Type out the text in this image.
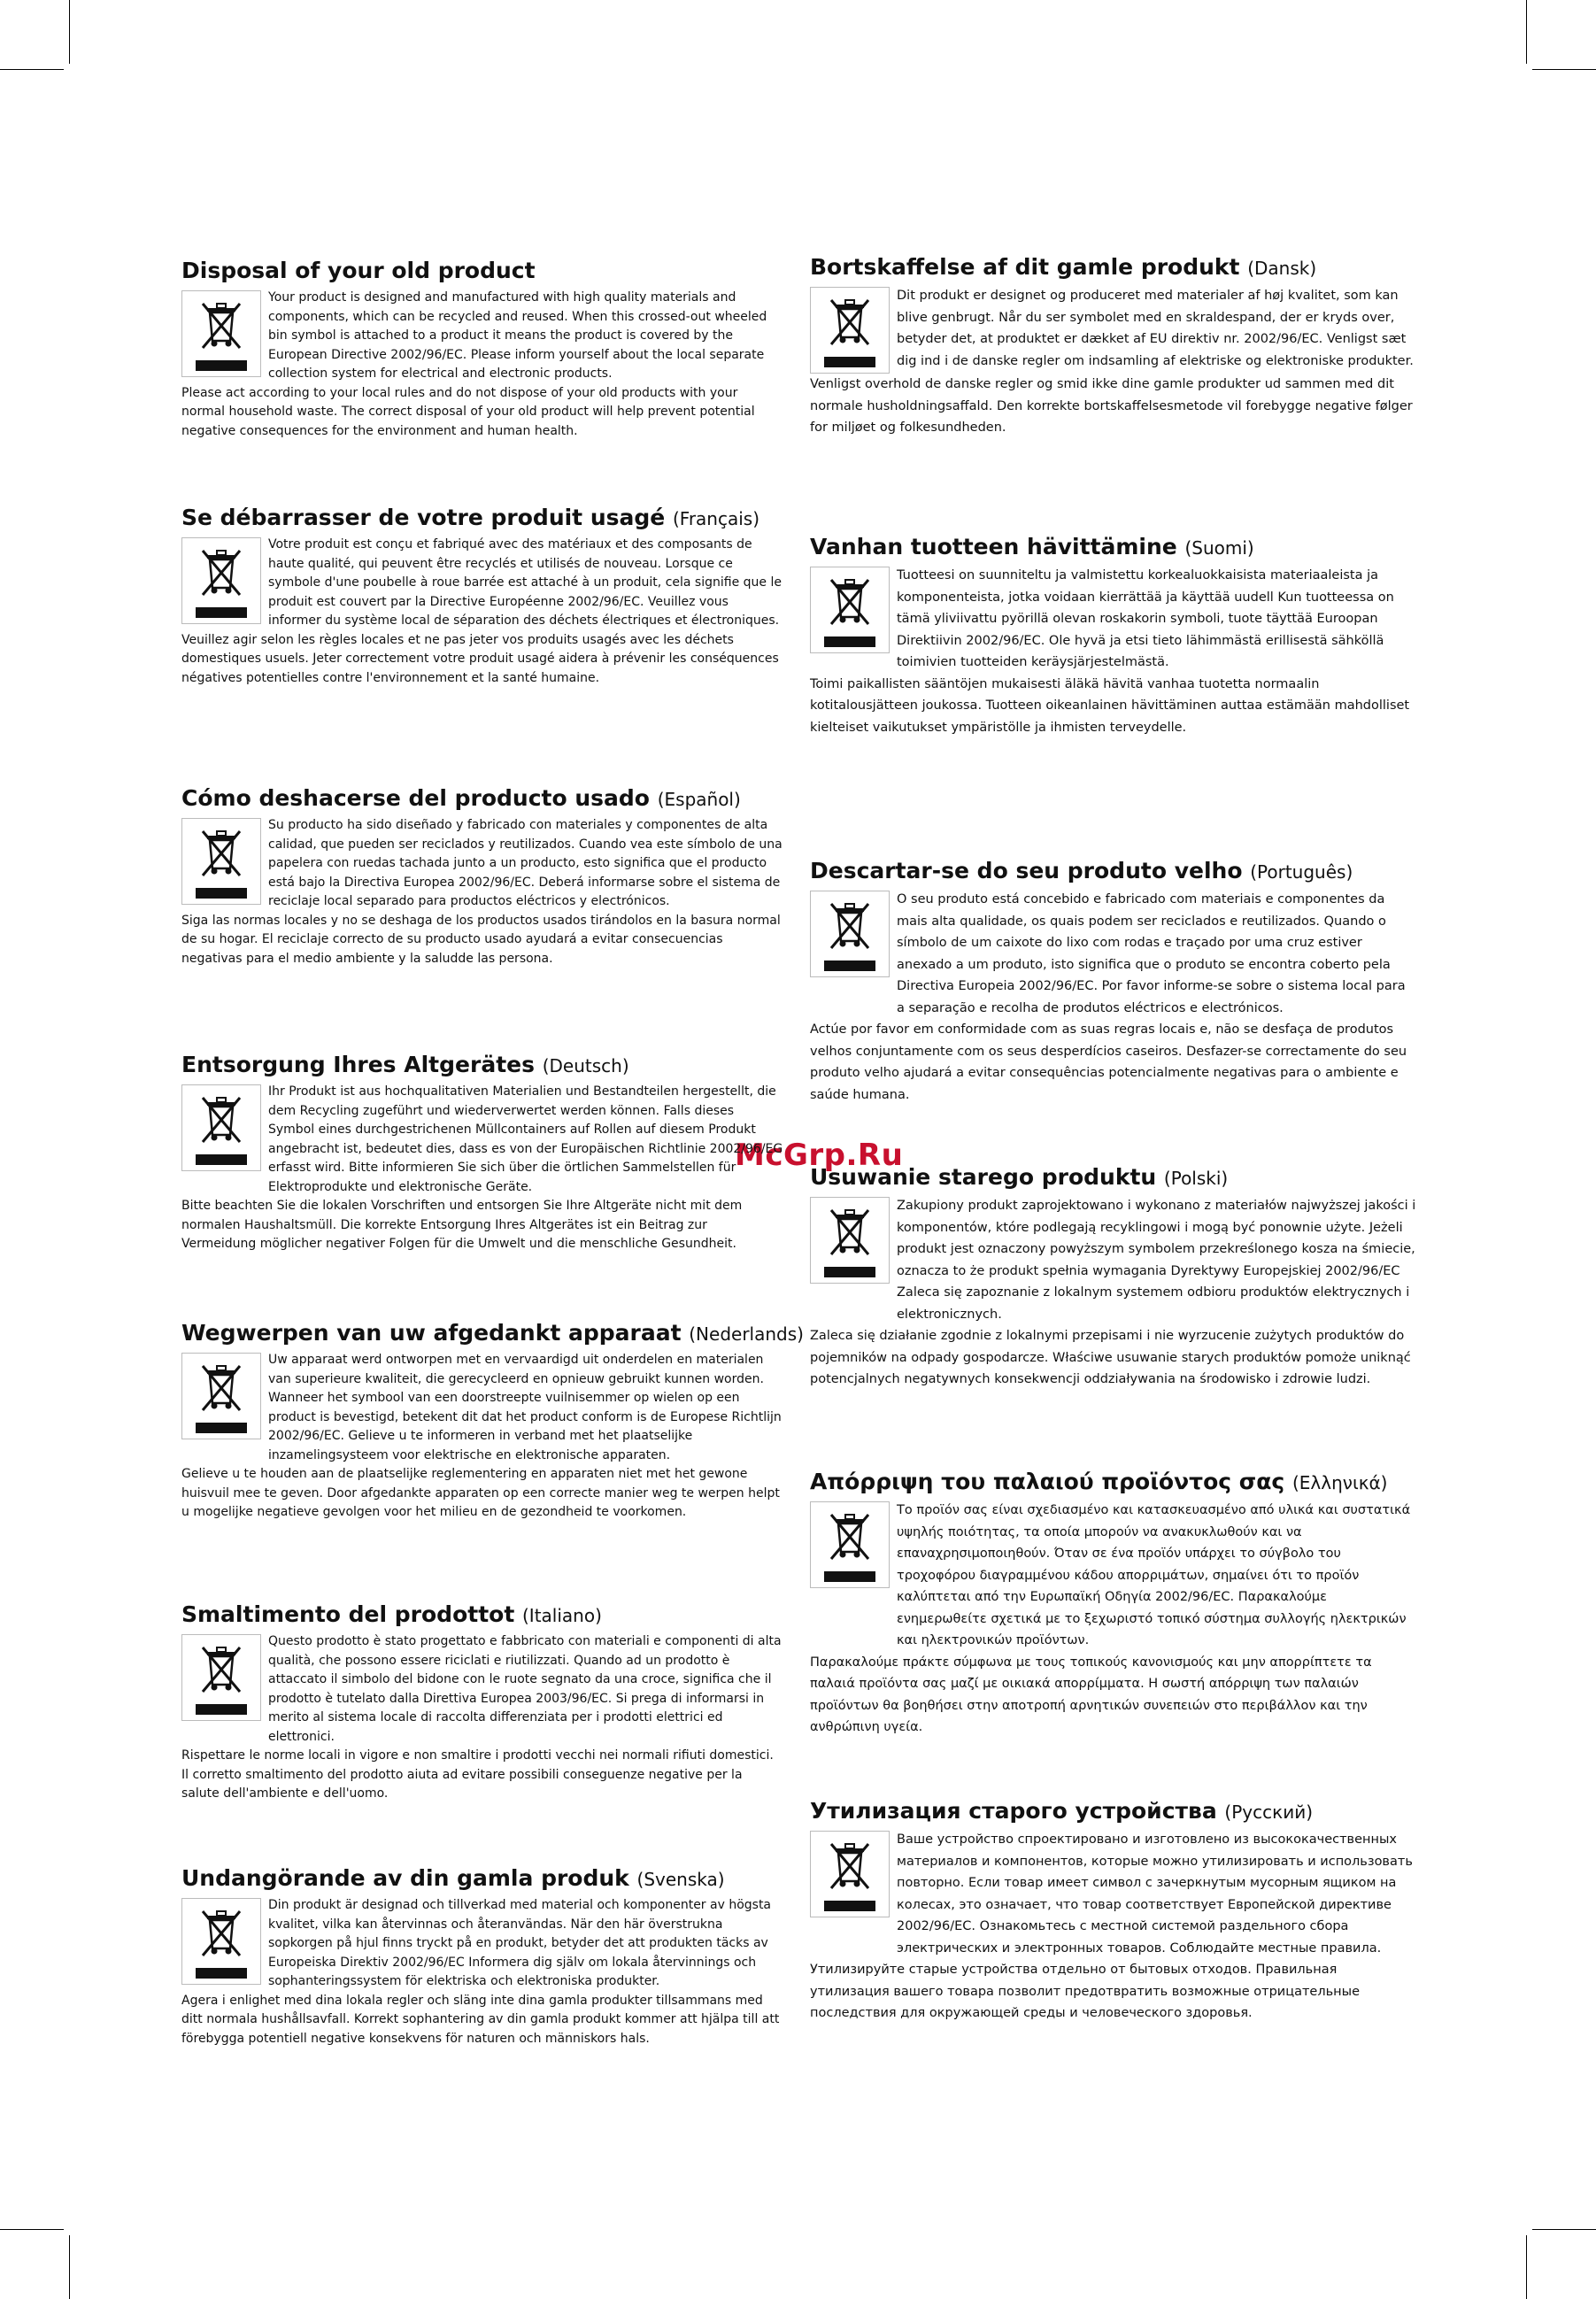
McGrp.Ru
Disposal of your old product

Your product is designed and manufactured with high quality materials and components, which can be recycled and reused. When this crossed-out wheeled bin symbol is attached to a product it means the product is covered by the European Directive 2002/96/EC. Please inform yourself about the local separate collection system for electrical and electronic products.

Please act according to your local rules and do not dispose of your old products with your normal household waste. The correct disposal of your old product will help prevent potential negative consequences for the environment and human health.

Se débarrasser de votre produit usagé (Français)

Votre produit est conçu et fabriqué avec des matériaux et des composants de haute qualité, qui peuvent être recyclés et utilisés de nouveau. Lorsque ce symbole d'une poubelle à roue barrée est attaché à un produit, cela signifie que le produit est couvert par la Directive Européenne 2002/96/EC. Veuillez vous informer du système local de séparation des déchets électriques et électroniques.

Veuillez agir selon les règles locales et ne pas jeter vos produits usagés avec les déchets domestiques usuels. Jeter correctement votre produit usagé aidera à prévenir les conséquences négatives potentielles contre l'environnement et la santé humaine.

Cómo deshacerse del producto usado (Español)

Su producto ha sido diseñado y fabricado con materiales y componentes de alta calidad, que pueden ser reciclados y reutilizados. Cuando vea este símbolo de una papelera con ruedas tachada junto a un producto, esto significa que el producto está bajo la Directiva Europea 2002/96/EC. Deberá informarse sobre el sistema de reciclaje local separado para productos eléctricos y electrónicos.

Siga las normas locales y no se deshaga de los productos usados tirándolos en la basura normal de su hogar. El reciclaje correcto de su producto usado ayudará a evitar consecuencias negativas para el medio ambiente y la saludde las persona.

Entsorgung Ihres Altgerätes (Deutsch)

Ihr Produkt ist aus hochqualitativen Materialien und Bestandteilen hergestellt, die dem Recycling zugeführt und wiederverwertet werden können. Falls dieses Symbol eines durchgestrichenen Müllcontainers auf Rollen auf diesem Produkt angebracht ist, bedeutet dies, dass es von der Europäischen Richtlinie 2002/96/EG erfasst wird. Bitte informieren Sie sich über die örtlichen Sammelstellen für Elektroprodukte und elektronische Geräte.

Bitte beachten Sie die lokalen Vorschriften und entsorgen Sie Ihre Altgeräte nicht mit dem normalen Haushaltsmüll. Die korrekte Entsorgung Ihres Altgerätes ist ein Beitrag zur Vermeidung möglicher negativer Folgen für die Umwelt und die menschliche Gesundheit.

Wegwerpen van uw afgedankt apparaat (Nederlands)

Uw apparaat werd ontworpen met en vervaardigd uit onderdelen en materialen van superieure kwaliteit, die gerecycleerd en opnieuw gebruikt kunnen worden. Wanneer het symbool van een doorstreepte vuilnisemmer op wielen op een product is bevestigd, betekent dit dat het product conform is de Europese Richtlijn 2002/96/EC. Gelieve u te informeren in verband met het plaatselijke inzamelingsysteem voor elektrische en elektronische apparaten.

Gelieve u te houden aan de plaatselijke reglementering en apparaten niet met het gewone huisvuil mee te geven. Door afgedankte apparaten op een correcte manier weg te werpen helpt u mogelijke negatieve gevolgen voor het milieu en de gezondheid te voorkomen.

Smaltimento del prodottot (Italiano)

Questo prodotto è stato progettato e fabbricato con materiali e componenti di alta qualità, che possono essere riciclati e riutilizzati. Quando ad un prodotto è attaccato il simbolo del bidone con le ruote segnato da una croce, significa che il prodotto è tutelato dalla Direttiva Europea 2003/96/EC. Si prega di informarsi in merito al sistema locale di raccolta differenziata per i prodotti elettrici ed elettronici.

Rispettare le norme locali in vigore e non smaltire i prodotti vecchi nei normali rifiuti domestici. Il corretto smaltimento del prodotto aiuta ad evitare possibili conseguenze negative per la salute dell'ambiente e dell'uomo.

Undangörande av din gamla produk (Svenska)

Din produkt är designad och tillverkad med material och komponenter av högsta kvalitet, vilka kan återvinnas och återanvändas. När den här överstrukna sopkorgen på hjul finns tryckt på en produkt, betyder det att produkten täcks av Europeiska Direktiv 2002/96/EC Informera dig själv om lokala återvinnings och sophanteringssystem för elektriska och elektroniska produkter.

Agera i enlighet med dina lokala regler och släng inte dina gamla produkter tillsammans med ditt normala hushållsavfall. Korrekt sophantering av din gamla produkt kommer att hjälpa till att förebygga potentiell negative konsekvens för naturen och människors hals.

Bortskaffelse af dit gamle produkt (Dansk)

Dit produkt er designet og produceret med materialer af høj kvalitet, som kan blive genbrugt. Når du ser symbolet med en skraldespand, der er kryds over, betyder det, at produktet er dækket af EU direktiv nr. 2002/96/EC. Venligst sæt dig ind i de danske regler om indsamling af elektriske og elektroniske produkter.

Venligst overhold de danske regler og smid ikke dine gamle produkter ud sammen med dit normale husholdningsaffald. Den korrekte bortskaffelsesmetode vil forebygge negative følger for miljøet og folkesundheden.

Vanhan tuotteen hävittämine (Suomi)

Tuotteesi on suunniteltu ja valmistettu korkealuokkaisista materiaaleista ja komponenteista, jotka voidaan kierrättää ja käyttää uudell Kun tuotteessa on tämä yliviivattu pyörillä olevan roskakorin symboli, tuote täyttää Euroopan Direktiivin 2002/96/EC. Ole hyvä ja etsi tieto lähimmästä erillisestä sähköllä toimivien tuotteiden keräysjärjestelmästä.

Toimi paikallisten sääntöjen mukaisesti äläkä hävitä vanhaa tuotetta normaalin kotitalousjätteen joukossa. Tuotteen oikeanlainen hävittäminen auttaa estämään mahdolliset kielteiset vaikutukset ympäristölle ja ihmisten terveydelle.

Descartar-se do seu produto velho (Português)

O seu produto está concebido e fabricado com materiais e componentes da mais alta qualidade, os quais podem ser reciclados e reutilizados. Quando o símbolo de um caixote do lixo com rodas e traçado por uma cruz estiver anexado a um produto, isto significa que o produto se encontra coberto pela Directiva Europeia 2002/96/EC. Por favor informe-se sobre o sistema local para a separação e recolha de produtos eléctricos e electrónicos.

Actúe por favor em conformidade com as suas regras locais e, não se desfaça de produtos velhos conjuntamente com os seus desperdícios caseiros. Desfazer-se correctamente do seu produto velho ajudará a evitar consequências potencialmente negativas para o ambiente e saúde humana.

Usuwanie starego produktu (Polski)

Zakupiony produkt zaprojektowano i wykonano z materiałów najwyższej jakości i komponentów, które podlegają recyklingowi i mogą być ponownie użyte. Jeżeli produkt jest oznaczony powyższym symbolem przekreślonego kosza na śmiecie, oznacza to że produkt spełnia wymagania Dyrektywy Europejskiej 2002/96/EC Zaleca się zapoznanie z lokalnym systemem odbioru produktów elektrycznych i elektronicznych.

Zaleca się działanie zgodnie z lokalnymi przepisami i nie wyrzucenie zużytych produktów do pojemników na odpady gospodarcze. Właściwe usuwanie starych produktów pomoże uniknąć potencjalnych negatywnych konsekwencji oddziaływania na środowisko i zdrowie ludzi.

Απόρριψη του παλαιού προϊόντος σας (Ελληνικά)

Το προϊόν σας είναι σχεδιασμένο και κατασκευασμένο από υλικά και συστατικά υψηλής ποιότητας, τα οποία μπορούν να ανακυκλωθούν και να επαναχρησιμοποιηθούν. Όταν σε ένα προϊόν υπάρχει το σύγβολο του τροχοφόρου διαγραμμένου κάδου απορριμάτων, σημαίνει ότι το προϊόν καλύπτεται από την Ευρωπαϊκή Οδηγία 2002/96/EC. Παρακαλούμε ενημερωθείτε σχετικά με το ξεχωριστό τοπικό σύστημα συλλογής ηλεκτρικών και ηλεκτρονικών προϊόντων.

Παρακαλούμε πράκτε σύμφωνα με τους τοπικούς κανονισμούς και μην απορρίπτετε τα παλαιά προϊόντα σας μαζί με οικιακά απορρίμματα. Η σωστή απόρριψη των παλαιών προϊόντων θα βοηθήσει στην αποτροπή αρνητικών συνεπειών στο περιβάλλον και την ανθρώπινη υγεία.

Утилизация старого устройства (Русский)

Ваше устройство спроектировано и изготовлено из высококачественных материалов и компонентов, которые можно утилизировать и использовать повторно. Если товар имеет символ с зачеркнутым мусорным ящиком на колесах, это означает, что товар соответствует Европейской директиве 2002/96/EC. Ознакомьтесь с местной системой раздельного сбора электрических и электронных товаров. Соблюдайте местные правила.

Утилизируйте старые устройства отдельно от бытовых отходов. Правильная утилизация вашего товара позволит предотвратить возможные отрицательные последствия для окружающей среды и человеческого здоровья.
